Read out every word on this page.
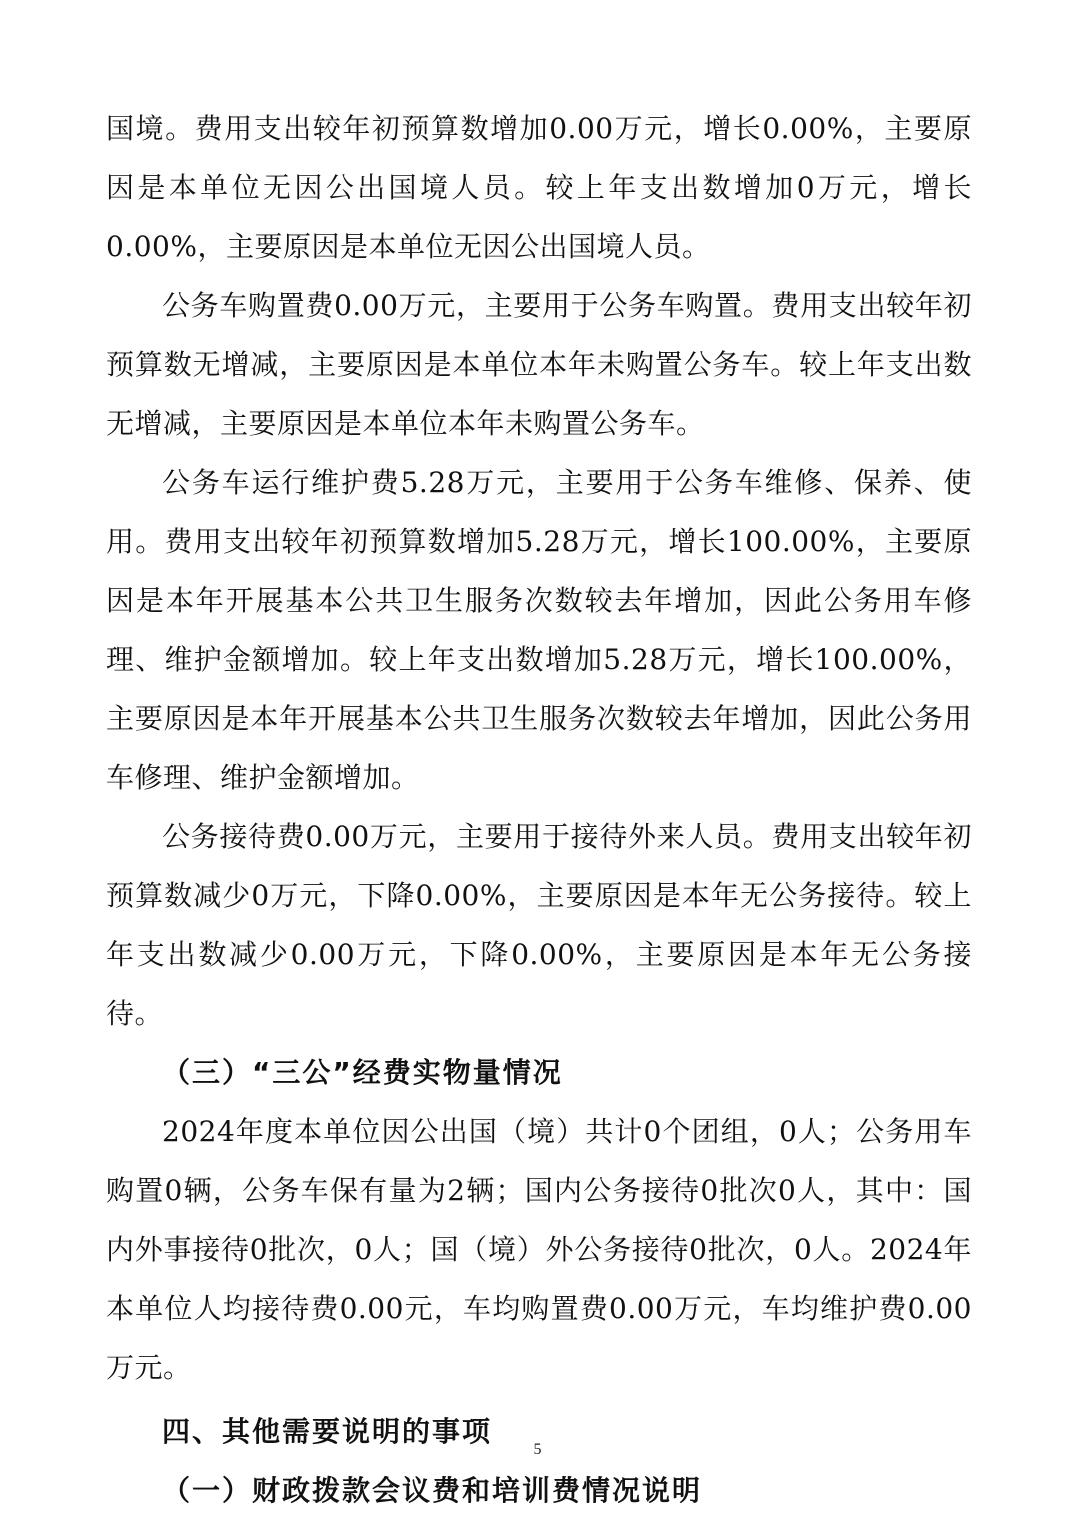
国境。费用支出较年初预算数增加0.00万元，增长0.00%，主要原因是本单位无因公出国境人员。较上年支出数增加0万元，增长0.00%，主要原因是本单位无因公出国境人员。

公务车购置费0.00万元，主要用于公务车购置。费用支出较年初预算数无增减，主要原因是本单位本年未购置公务车。较上年支出数无增减，主要原因是本单位本年未购置公务车。

公务车运行维护费5.28万元，主要用于公务车维修、保养、使用。费用支出较年初预算数增加5.28万元，增长100.00%，主要原因是本年开展基本公共卫生服务次数较去年增加，因此公务用车修理、维护金额增加。较上年支出数增加5.28万元，增长100.00%，主要原因是本年开展基本公共卫生服务次数较去年增加，因此公务用车修理、维护金额增加。

公务接待费0.00万元，主要用于接待外来人员。费用支出较年初预算数减少0万元，下降0.00%，主要原因是本年无公务接待。较上年支出数减少0.00万元，下降0.00%，主要原因是本年无公务接待。

（三）“三公”经费实物量情况

2024年度本单位因公出国（境）共计0个团组，0人；公务用车购置0辆，公务车保有量为2辆；国内公务接待0批次0人，其中：国内外事接待0批次，0人；国（境）外公务接待0批次，0人。2024年本单位人均接待费0.00元，车均购置费0.00万元，车均维护费0.00万元。

四、其他需要说明的事项

（一）财政拨款会议费和培训费情况说明

5
